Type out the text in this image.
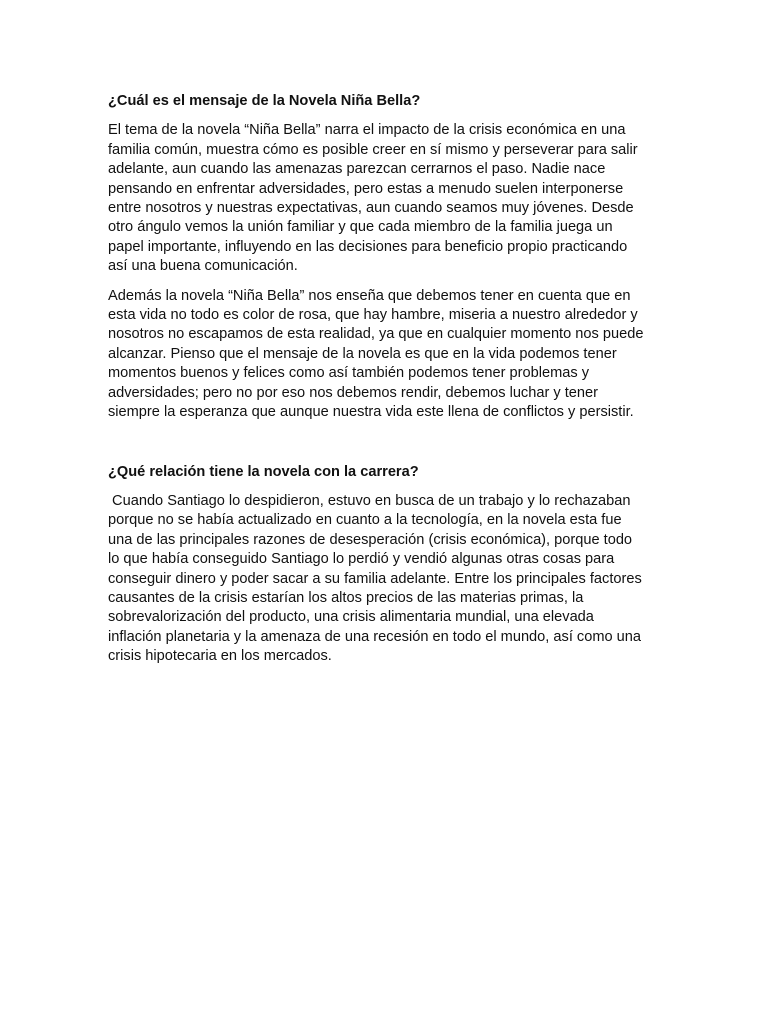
¿Cuál es el mensaje de la Novela Niña Bella?
El tema de la novela “Niña Bella” narra el impacto de la crisis económica en una
familia común, muestra cómo es posible creer en sí mismo y perseverar para salir
adelante, aun cuando las amenazas parezcan cerrarnos el paso. Nadie nace
pensando en enfrentar adversidades, pero estas a menudo suelen interponerse
entre nosotros y nuestras expectativas, aun cuando seamos muy jóvenes. Desde
otro ángulo vemos la unión familiar y que cada miembro de la familia juega un
papel importante, influyendo en las decisiones para beneficio propio practicando
así una buena comunicación.
Además la novela “Niña Bella” nos enseña que debemos tener en cuenta que en
esta vida no todo es color de rosa, que hay hambre, miseria a nuestro alrededor y
nosotros no escapamos de esta realidad, ya que en cualquier momento nos puede
alcanzar. Pienso que el mensaje de la novela es que en la vida podemos tener
momentos buenos y felices como así también podemos tener problemas y
adversidades; pero no por eso nos debemos rendir, debemos luchar y tener
siempre la esperanza que aunque nuestra vida este llena de conflictos y persistir.
¿Qué relación tiene la novela con la carrera?
Cuando Santiago lo despidieron, estuvo en busca de un trabajo y lo rechazaban
porque no se había actualizado en cuanto a la tecnología, en la novela esta fue
una de las principales razones de desesperación (crisis económica), porque todo
lo que había conseguido Santiago lo perdió y vendió algunas otras cosas para
conseguir dinero y poder sacar a su familia adelante. Entre los principales factores
causantes de la crisis estarían los altos precios de las materias primas, la
sobrevalorización del producto, una crisis alimentaria mundial, una elevada
inflación planetaria y la amenaza de una recesión en todo el mundo, así como una
crisis hipotecaria en los mercados.
